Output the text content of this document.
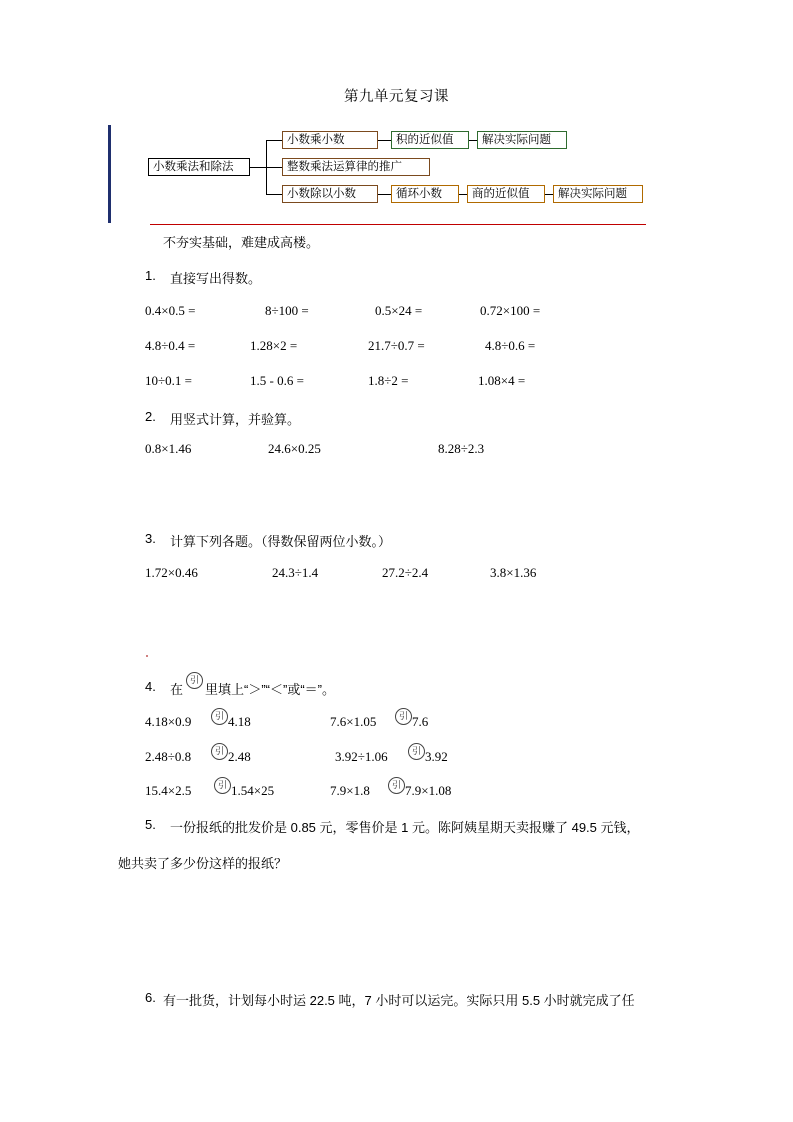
第九单元复习课
小数乘法和除法
小数乘小数
整数乘法运算律的推广
小数除以小数
积的近似值	解决实际问题
循环小数	商的近似值	解决实际问题
不夯实基础，难建成高楼。
1. 直接写出得数。
0.4×0.5 =	8÷100 =	0.5×24 =	0.72×100 =
4.8÷0.4 =	1.28×2 =	21.7÷0.7 =	4.8÷0.6 =
10÷0.1 =	1.5 - 0.6 =	1.8÷2 =	1.08×4 =
2. 用竖式计算，并验算。
0.8×1.46	24.6×0.25	8.28÷2.3
3. 计算下列各题。（得数保留两位小数。）
1.72×0.46	24.3÷1.4	27.2÷2.4	3.8×1.36
4. 在
引
里填上“＞”“＜”或“＝”。
4.18×0.9	引 4.18	7.6×1.05	引 7.6
2.48÷0.8	引 2.48	3.92÷1.06	引 3.92
15.4×2.5	引 1.54×25	7.9×1.8	引 7.9×1.08
5. 一份报纸的批发价是 0.85 元，零售价是 1 元。陈阿姨星期天卖报赚了 49.5 元钱，
她共卖了多少份这样的报纸？
6. 有一批货，计划每小时运 22.5 吨，7 小时可以运完。实际只用 5.5 小时就完成了任
